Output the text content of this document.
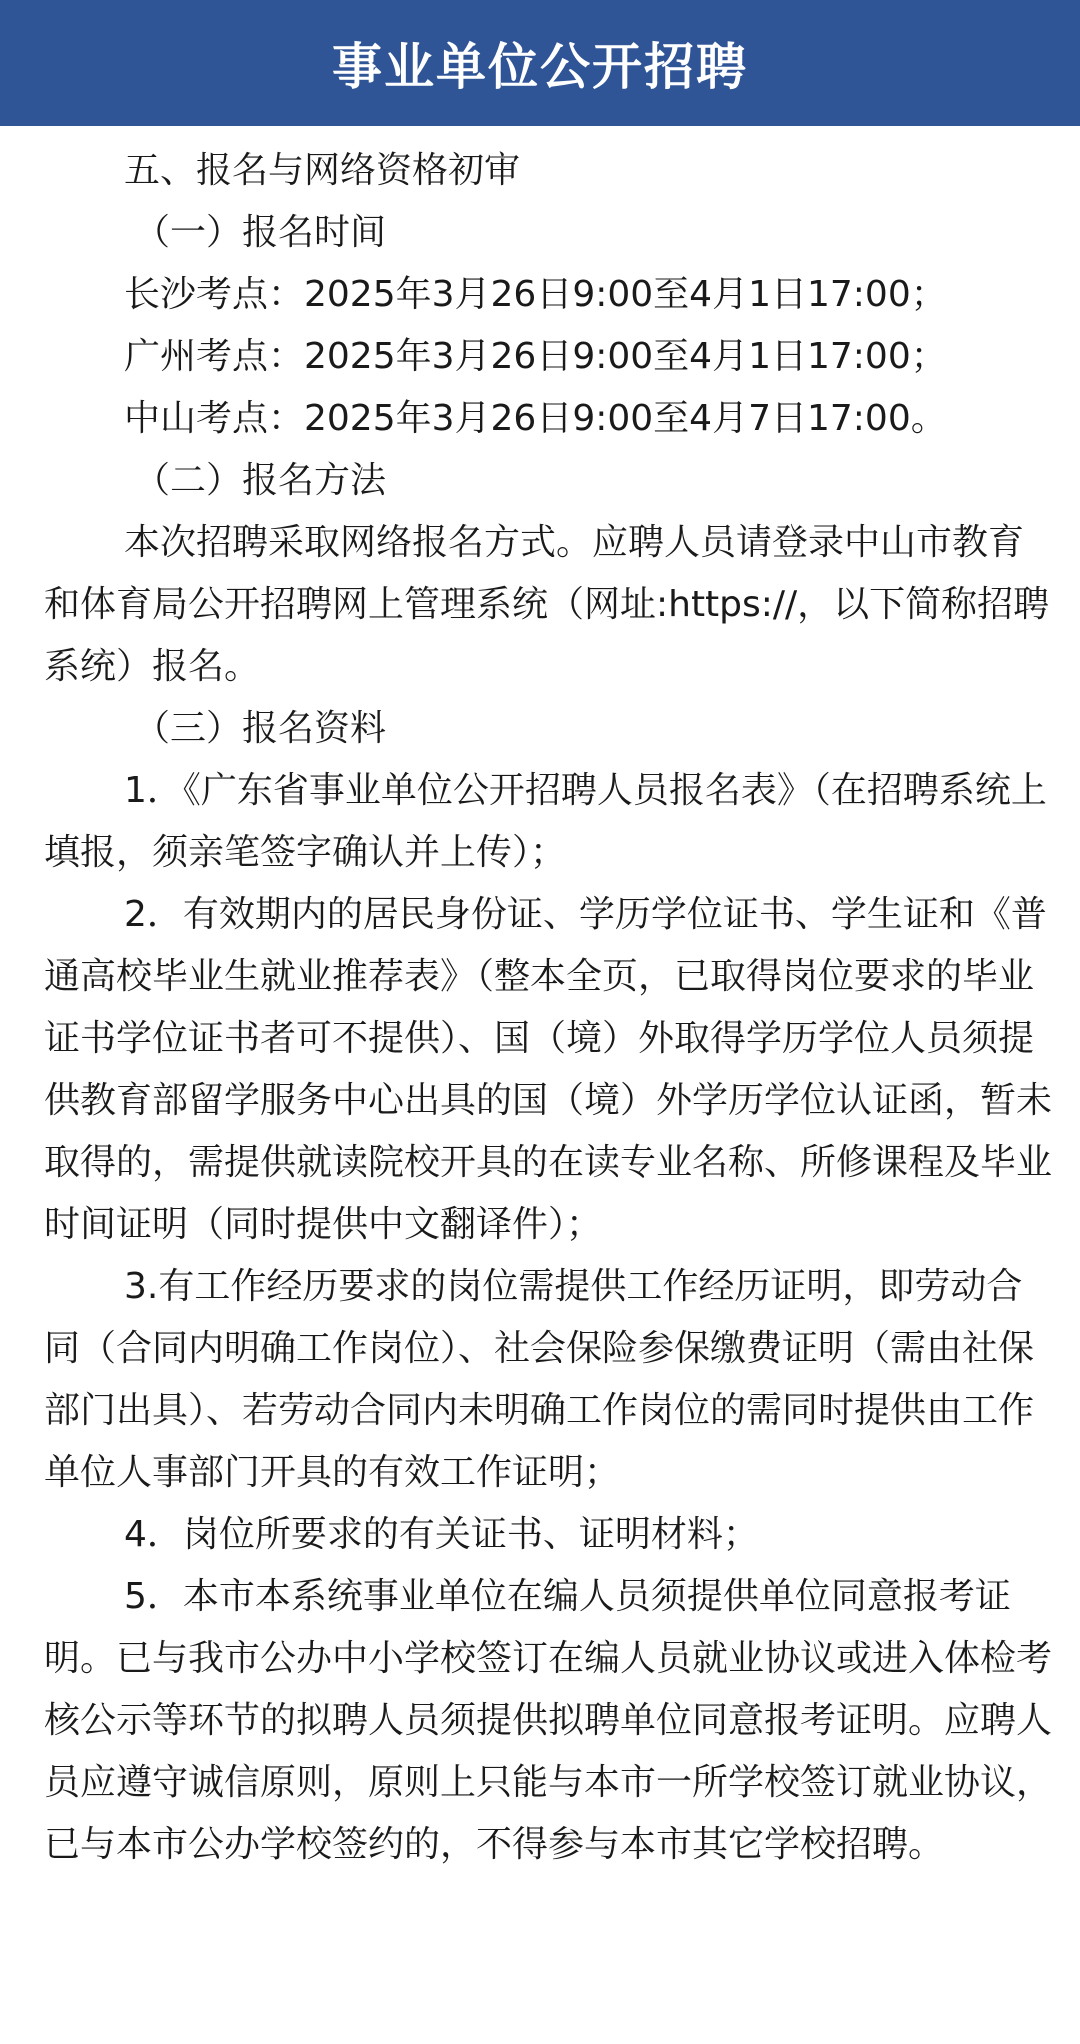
事业单位公开招聘

五、报名与网络资格初审

（一）报名时间

长沙考点：2025年3月26日9:00至4月1日17:00；

广州考点：2025年3月26日9:00至4月1日17:00；

中山考点：2025年3月26日9:00至4月7日17:00。

（二）报名方法

本次招聘采取网络报名方式。应聘人员请登录中山市教育和体育局公开招聘网上管理系统（网址:https://，以下简称招聘系统）报名。

（三）报名资料

1．《广东省事业单位公开招聘人员报名表》（在招聘系统上填报，须亲笔签字确认并上传）；

2．有效期内的居民身份证、学历学位证书、学生证和《普通高校毕业生就业推荐表》（整本全页，已取得岗位要求的毕业证书学位证书者可不提供）、国（境）外取得学历学位人员须提供教育部留学服务中心出具的国（境）外学历学位认证函，暂未取得的，需提供就读院校开具的在读专业名称、所修课程及毕业时间证明（同时提供中文翻译件）；

3.有工作经历要求的岗位需提供工作经历证明，即劳动合同（合同内明确工作岗位）、社会保险参保缴费证明（需由社保部门出具）、若劳动合同内未明确工作岗位的需同时提供由工作单位人事部门开具的有效工作证明；

4．岗位所要求的有关证书、证明材料；

5．本市本系统事业单位在编人员须提供单位同意报考证明。已与我市公办中小学校签订在编人员就业协议或进入体检考核公示等环节的拟聘人员须提供拟聘单位同意报考证明。应聘人员应遵守诚信原则，原则上只能与本市一所学校签订就业协议，已与本市公办学校签约的，不得参与本市其它学校招聘。
